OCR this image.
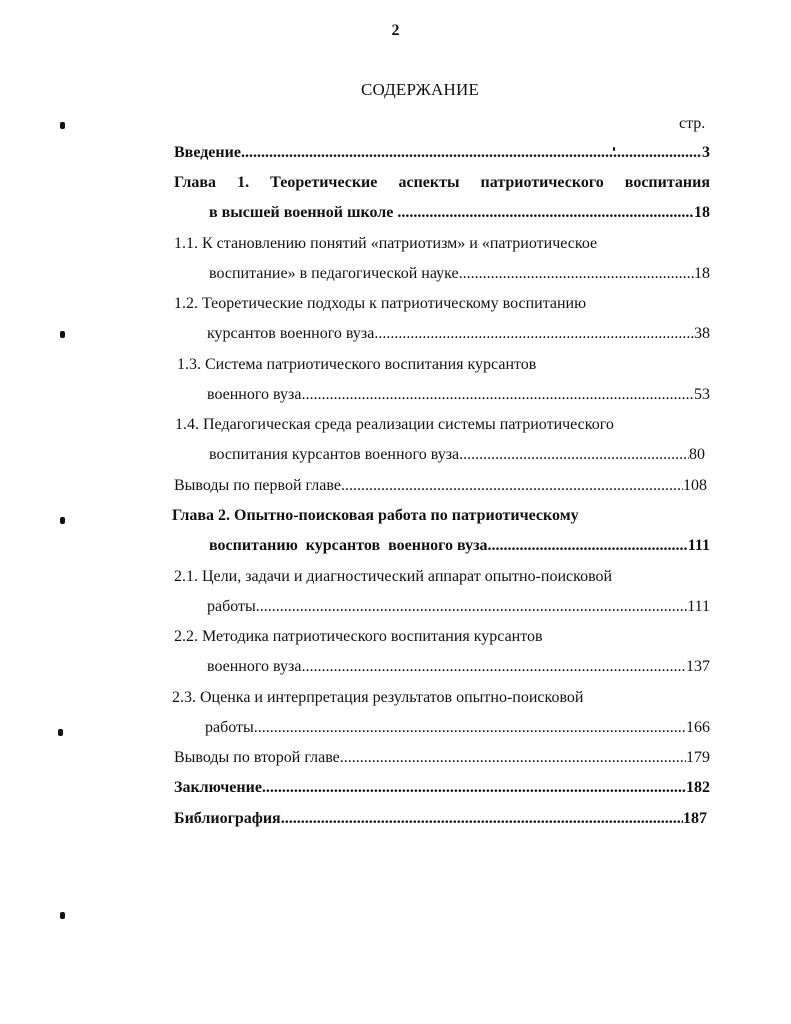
2
СОДЕРЖАНИЕ
стр.
Введение .....	3
Глава 1. Теоретические аспекты патриотического воспитания
в высшей военной школе .....	18
1.1. К становлению понятий «патриотизм» и «патриотическое
воспитание» в педагогической науке .....	18
1.2. Теоретические подходы к патриотическому воспитанию
курсантов военного вуза .....	38
1.3. Система патриотического воспитания курсантов
военного вуза .....	53
1.4. Педагогическая среда реализации системы патриотического
воспитания курсантов военного вуза .....	80
Выводы по первой главе .....	108
Глава 2. Опытно-поисковая работа по патриотическому
воспитанию  курсантов  военного вуза .....	111
2.1. Цели, задачи и диагностический аппарат опытно-поисковой
работы .....	111
2.2. Методика патриотического воспитания курсантов
военного вуза .....	137
2.3. Оценка и интерпретация результатов опытно-поисковой
работы .....	166
Выводы по второй главе .....	179
Заключение .....	182
Библиография .....	187
